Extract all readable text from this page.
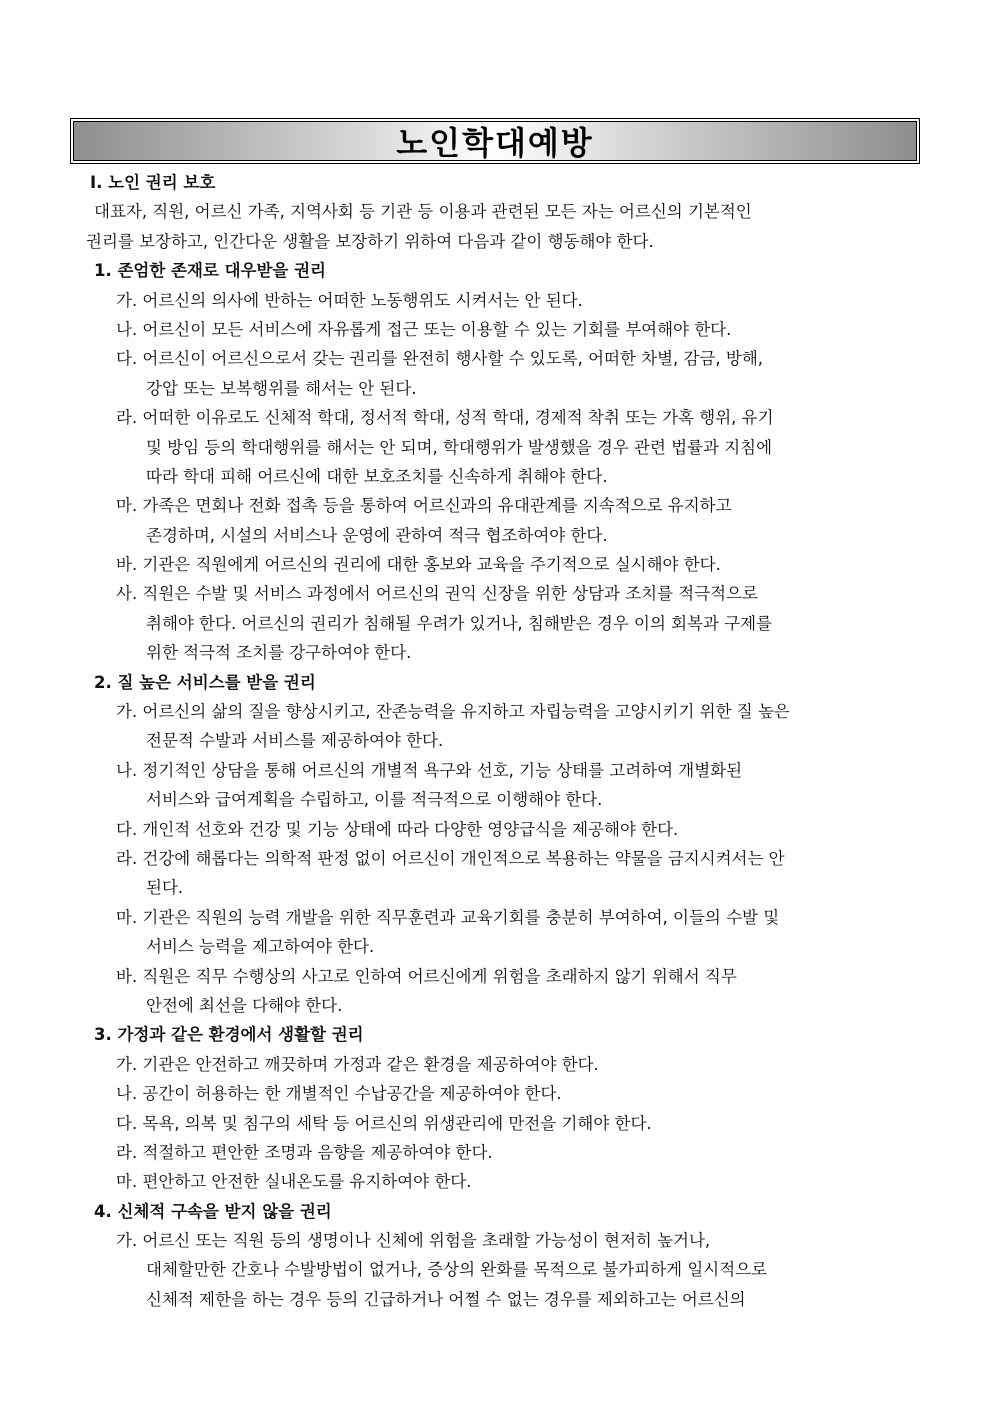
노인학대예방
Ⅰ. 노인 권리 보호
대표자, 직원, 어르신 가족, 지역사회 등 기관 등 이용과 관련된 모든 자는 어르신의 기본적인
권리를 보장하고, 인간다운 생활을 보장하기 위하여 다음과 같이 행동해야 한다.
1. 존엄한 존재로 대우받을 권리
가. 어르신의 의사에 반하는 어떠한 노동행위도 시켜서는 안 된다.
나. 어르신이 모든 서비스에 자유롭게 접근 또는 이용할 수 있는 기회를 부여해야 한다.
다. 어르신이 어르신으로서 갖는 권리를 완전히 행사할 수 있도록, 어떠한 차별, 감금, 방해,
강압 또는 보복행위를 해서는 안 된다.
라. 어떠한 이유로도 신체적 학대, 정서적 학대, 성적 학대, 경제적 착취 또는 가혹 행위, 유기
및 방임 등의 학대행위를 해서는 안 되며, 학대행위가 발생했을 경우 관련 법률과 지침에
따라 학대 피해 어르신에 대한 보호조치를 신속하게 취해야 한다.
마. 가족은 면회나 전화 접촉 등을 통하여 어르신과의 유대관계를 지속적으로 유지하고
존경하며, 시설의 서비스나 운영에 관하여 적극 협조하여야 한다.
바. 기관은 직원에게 어르신의 권리에 대한 홍보와 교육을 주기적으로 실시해야 한다.
사. 직원은 수발 및 서비스 과정에서 어르신의 권익 신장을 위한 상담과 조치를 적극적으로
취해야 한다. 어르신의 권리가 침해될 우려가 있거나, 침해받은 경우 이의 회복과 구제를
위한 적극적 조치를 강구하여야 한다.
2. 질 높은 서비스를 받을 권리
가. 어르신의 삶의 질을 향상시키고, 잔존능력을 유지하고 자립능력을 고양시키기 위한 질 높은
전문적 수발과 서비스를 제공하여야 한다.
나. 정기적인 상담을 통해 어르신의 개별적 욕구와 선호, 기능 상태를 고려하여 개별화된
서비스와 급여계획을 수립하고, 이를 적극적으로 이행해야 한다.
다. 개인적 선호와 건강 및 기능 상태에 따라 다양한 영양급식을 제공해야 한다.
라. 건강에 해롭다는 의학적 판정 없이 어르신이 개인적으로 복용하는 약물을 금지시켜서는 안
된다.
마. 기관은 직원의 능력 개발을 위한 직무훈련과 교육기회를 충분히 부여하여, 이들의 수발 및
서비스 능력을 제고하여야 한다.
바. 직원은 직무 수행상의 사고로 인하여 어르신에게 위험을 초래하지 않기 위해서 직무
안전에 최선을 다해야 한다.
3. 가정과 같은 환경에서 생활할 권리
가. 기관은 안전하고 깨끗하며 가정과 같은 환경을 제공하여야 한다.
나. 공간이 허용하는 한 개별적인 수납공간을 제공하여야 한다.
다. 목욕, 의복 및 침구의 세탁 등 어르신의 위생관리에 만전을 기해야 한다.
라. 적절하고 편안한 조명과 음향을 제공하여야 한다.
마. 편안하고 안전한 실내온도를 유지하여야 한다.
4. 신체적 구속을 받지 않을 권리
가. 어르신 또는 직원 등의 생명이나 신체에 위험을 초래할 가능성이 현저히 높거나,
대체할만한 간호나 수발방법이 없거나, 증상의 완화를 목적으로 불가피하게 일시적으로
신체적 제한을 하는 경우 등의 긴급하거나 어쩔 수 없는 경우를 제외하고는 어르신의
